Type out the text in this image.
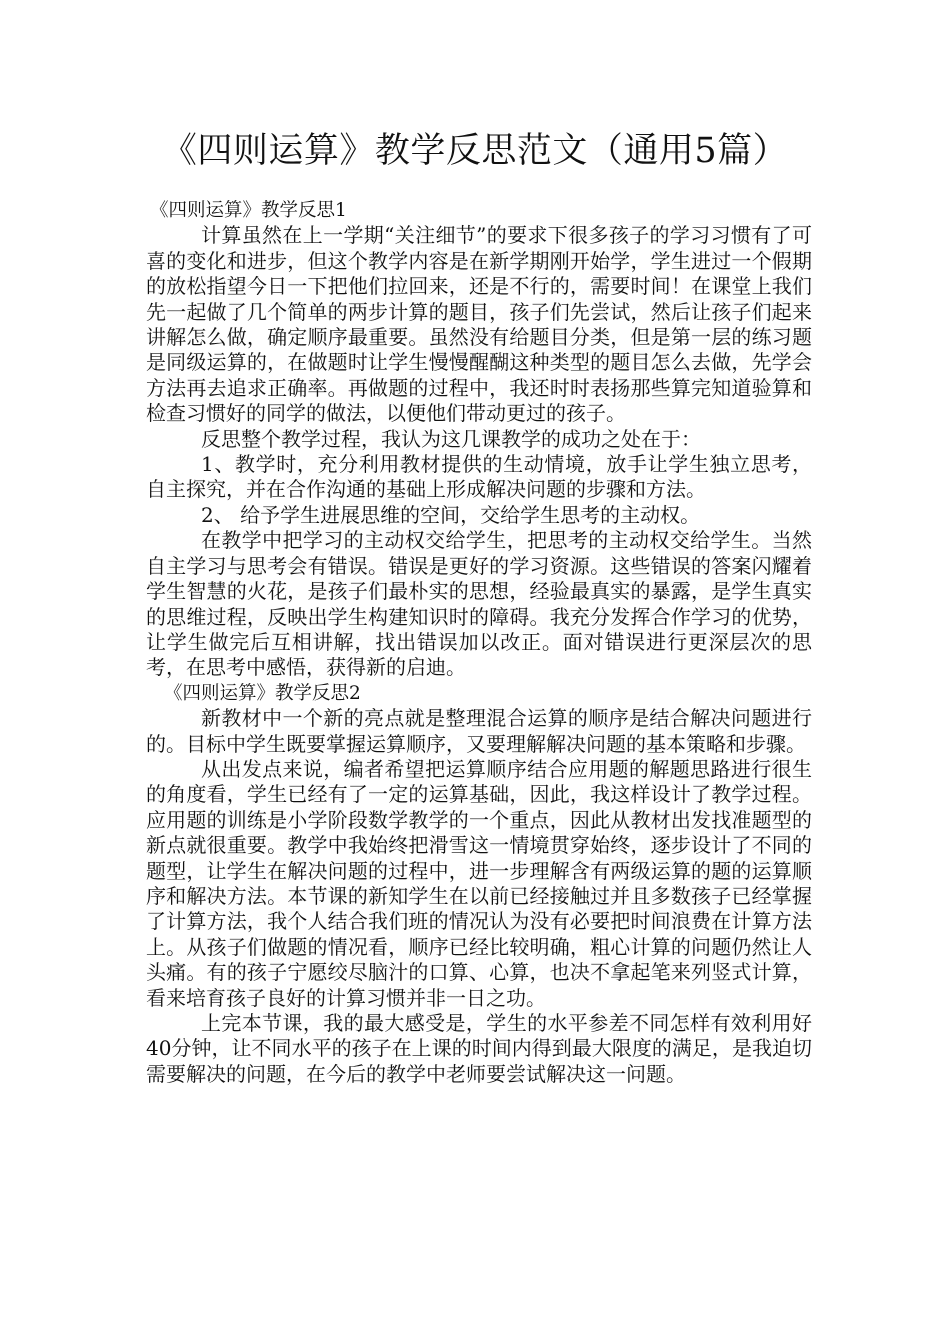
《四则运算》教学反思范文（通用5篇）

《四则运算》教学反思1

计算虽然在上一学期“关注细节”的要求下很多孩子的学习习惯有了可喜的变化和进步，但这个教学内容是在新学期刚开始学，学生进过一个假期的放松指望今日一下把他们拉回来，还是不行的，需要时间！在课堂上我们先一起做了几个简单的两步计算的题目，孩子们先尝试，然后让孩子们起来讲解怎么做，确定顺序最重要。虽然没有给题目分类，但是第一层的练习题是同级运算的，在做题时让学生慢慢醒醐这种类型的题目怎么去做，先学会方法再去追求正确率。再做题的过程中，我还时时表扬那些算完知道验算和检查习惯好的同学的做法，以便他们带动更过的孩子。

反思整个教学过程，我认为这几课教学的成功之处在于：

1、教学时，充分利用教材提供的生动情境，放手让学生独立思考，自主探究，并在合作沟通的基础上形成解决问题的步骤和方法。

2、 给予学生进展思维的空间，交给学生思考的主动权。

在教学中把学习的主动权交给学生，把思考的主动权交给学生。当然自主学习与思考会有错误。错误是更好的学习资源。这些错误的答案闪耀着学生智慧的火花，是孩子们最朴实的思想，经验最真实的暴露，是学生真实的思维过程，反映出学生构建知识时的障碍。我充分发挥合作学习的优势，让学生做完后互相讲解，找出错误加以改正。面对错误进行更深层次的思考，在思考中感悟，获得新的启迪。

《四则运算》教学反思2

新教材中一个新的亮点就是整理混合运算的顺序是结合解决问题进行的。目标中学生既要掌握运算顺序，又要理解解决问题的基本策略和步骤。

从出发点来说，编者希望把运算顺序结合应用题的解题思路进行很生的角度看，学生已经有了一定的运算基础，因此，我这样设计了教学过程。应用题的训练是小学阶段数学教学的一个重点，因此从教材出发找准题型的新点就很重要。教学中我始终把滑雪这一情境贯穿始终，逐步设计了不同的题型，让学生在解决问题的过程中，进一步理解含有两级运算的题的运算顺序和解决方法。本节课的新知学生在以前已经接触过并且多数孩子已经掌握了计算方法，我个人结合我们班的情况认为没有必要把时间浪费在计算方法上。从孩子们做题的情况看，顺序已经比较明确，粗心计算的问题仍然让人头痛。有的孩子宁愿绞尽脑汁的口算、心算，也决不拿起笔来列竖式计算，看来培育孩子良好的计算习惯并非一日之功。

上完本节课，我的最大感受是，学生的水平参差不同怎样有效利用好40分钟，让不同水平的孩子在上课的时间内得到最大限度的满足，是我迫切需要解决的问题，在今后的教学中老师要尝试解决这一问题。
